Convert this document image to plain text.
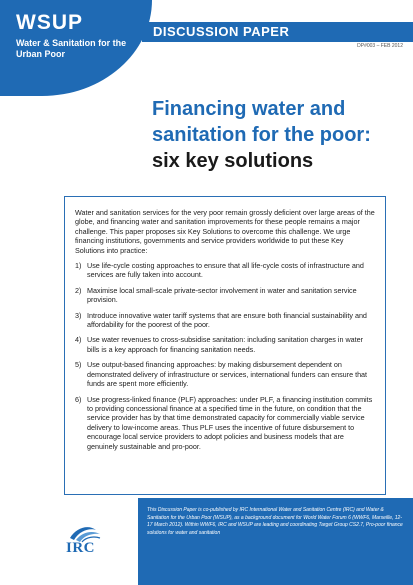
WSUP
Water & Sanitation for the Urban Poor
DISCUSSION PAPER
DP#003 – FEB 2012
Financing water and
sanitation for the poor:
six key solutions

Water and sanitation services for the very poor remain grossly deficient over large areas of the globe, and financing water and sanitation improvements for these people remains a major challenge. This paper proposes six Key Solutions to overcome this challenge. We urge financing institutions, governments and service providers worldwide to put these Key Solutions into practice:

1) Use life-cycle costing approaches to ensure that all life-cycle costs of infrastructure and services are fully taken into account.
2) Maximise local small-scale private-sector involvement in water and sanitation service provision.
3) Introduce innovative water tariff systems that are ensure both financial sustainability and affordability for the poorest of the poor.
4) Use water revenues to cross-subsidise sanitation: including sanitation charges in water bills is a key approach for financing sanitation needs.
5) Use output-based financing approaches: by making disbursement dependent on demonstrated delivery of infrastructure or services, international funders can ensure that funds are spent more efficiently.
6) Use progress-linked finance (PLF) approaches: under PLF, a financing institution commits to providing concessional finance at a specified time in the future, on condition that the service provider has by that time demonstrated capacity for commercially viable service delivery to low-income areas. Thus PLF uses the incentive of future disbursement to encourage local service providers to adopt policies and business models that are genuinely sustainable and pro-poor.
IRC
This Discussion Paper is co-published by IRC International Water and Sanitation Centre (IRC) and Water & Sanitation for the Urban Poor (WSUP), as a background document for World Water Forum 6 (WWF6, Marseille, 12-17 March 2012). Within WWF6, IRC and WSUP are leading and coordinating Target Group CS2.7, Pro-poor finance solutions for water and sanitation
